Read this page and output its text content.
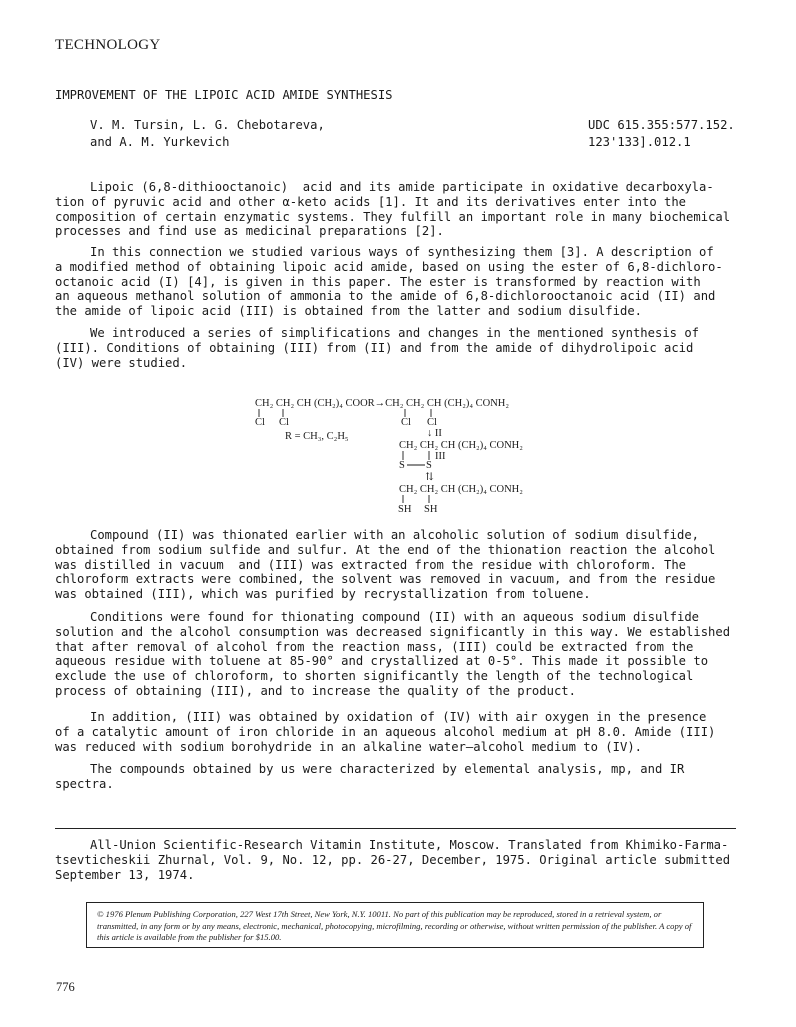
TECHNOLOGY
IMPROVEMENT OF THE LIPOIC ACID AMIDE SYNTHESIS
V. M. Tursin, L. G. Chebotareva,
and A. M. Yurkevich
UDC 615.355:577.152.
123'133].012.1
Lipoic (6,8-dithiooctanoic)  acid and its amide participate in oxidative decarboxyla-
tion of pyruvic acid and other α-keto acids [1]. It and its derivatives enter into the
composition of certain enzymatic systems. They fulfill an important role in many biochemical
processes and find use as medicinal preparations [2].
In this connection we studied various ways of synthesizing them [3]. A description of
a modified method of obtaining lipoic acid amide, based on using the ester of 6,8-dichloro-
octanoic acid (I) [4], is given in this paper. The ester is transformed by reaction with
an aqueous methanol solution of ammonia to the amide of 6,8-dichlorooctanoic acid (II) and
the amide of lipoic acid (III) is obtained from the latter and sodium disulfide.
We introduced a series of simplifications and changes in the mentioned synthesis of
(III). Conditions of obtaining (III) from (II) and from the amide of dihydrolipoic acid
(IV) were studied.
CH₂ CH₂ CH (CH₂)₄ COOR→CH₂ CH₂ CH (CH₂)₄ CONH₂
Cl Cl	Cl Cl
R = CH₃, C₂H₅	↓ II
CH₂ CH₂ CH (CH₂)₄ CONH₂
III
S S
⇅
CH₂ CH₂ CH (CH₂)₄ CONH₂
SH SH
Compound (II) was thionated earlier with an alcoholic solution of sodium disulfide,
obtained from sodium sulfide and sulfur. At the end of the thionation reaction the alcohol
was distilled in vacuum  and (III) was extracted from the residue with chloroform. The
chloroform extracts were combined, the solvent was removed in vacuum, and from the residue
was obtained (III), which was purified by recrystallization from toluene.
Conditions were found for thionating compound (II) with an aqueous sodium disulfide
solution and the alcohol consumption was decreased significantly in this way. We established
that after removal of alcohol from the reaction mass, (III) could be extracted from the
aqueous residue with toluene at 85-90° and crystallized at 0-5°. This made it possible to
exclude the use of chloroform, to shorten significantly the length of the technological
process of obtaining (III), and to increase the quality of the product.
In addition, (III) was obtained by oxidation of (IV) with air oxygen in the presence
of a catalytic amount of iron chloride in an aqueous alcohol medium at pH 8.0. Amide (III)
was reduced with sodium borohydride in an alkaline water—alcohol medium to (IV).
The compounds obtained by us were characterized by elemental analysis, mp, and IR
spectra.
All-Union Scientific-Research Vitamin Institute, Moscow. Translated from Khimiko-Farma-
tsevticheskii Zhurnal, Vol. 9, No. 12, pp. 26-27, December, 1975. Original article submitted
September 13, 1974.
© 1976 Plenum Publishing Corporation, 227 West 17th Street, New York, N.Y. 10011. No part of this publication may be reproduced, stored in a retrieval system, or transmitted, in any form or by any means, electronic, mechanical, photocopying, microfilming, recording or otherwise, without written permission of the publisher. A copy of this article is available from the publisher for $15.00.
776
